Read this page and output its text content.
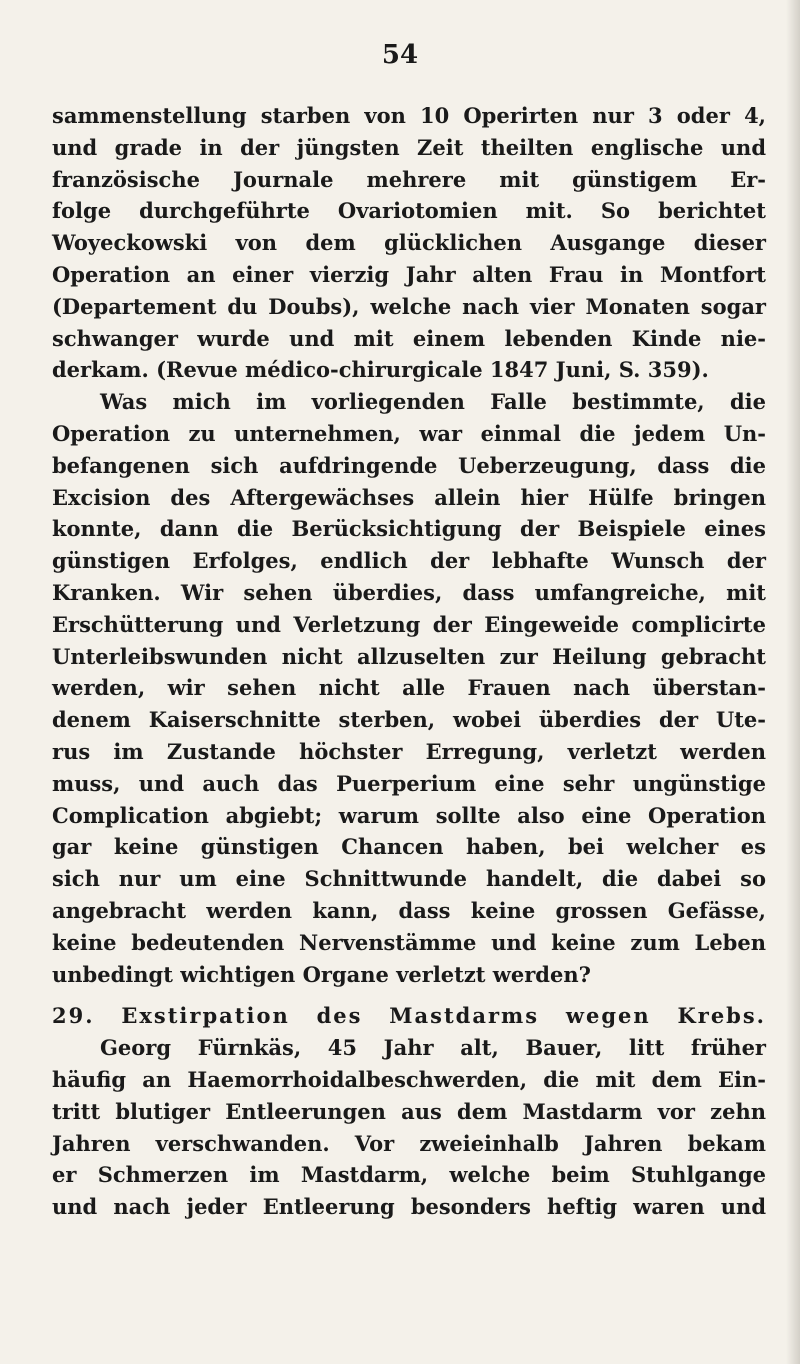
54
sammenstellung starben von 10 Operirten nur 3 oder 4,
und grade in der jüngsten Zeit theilten englische und
französische Journale mehrere mit günstigem Er-
folge durchgeführte Ovariotomien mit. So berichtet
Woyeckowski von dem glücklichen Ausgange dieser
Operation an einer vierzig Jahr alten Frau in Montfort
(Departement du Doubs), welche nach vier Monaten sogar
schwanger wurde und mit einem lebenden Kinde nie-
derkam. (Revue médico-chirurgicale 1847 Juni, S. 359).
Was mich im vorliegenden Falle bestimmte, die
Operation zu unternehmen, war einmal die jedem Un-
befangenen sich aufdringende Ueberzeugung, dass die
Excision des Aftergewächses allein hier Hülfe bringen
konnte, dann die Berücksichtigung der Beispiele eines
günstigen Erfolges, endlich der lebhafte Wunsch der
Kranken. Wir sehen überdies, dass umfangreiche, mit
Erschütterung und Verletzung der Eingeweide complicirte
Unterleibswunden nicht allzuselten zur Heilung gebracht
werden, wir sehen nicht alle Frauen nach überstan-
denem Kaiserschnitte sterben, wobei überdies der Ute-
rus im Zustande höchster Erregung, verletzt werden
muss, und auch das Puerperium eine sehr ungünstige
Complication abgiebt; warum sollte also eine Operation
gar keine günstigen Chancen haben, bei welcher es
sich nur um eine Schnittwunde handelt, die dabei so
angebracht werden kann, dass keine grossen Gefässe,
keine bedeutenden Nervenstämme und keine zum Leben
unbedingt wichtigen Organe verletzt werden?
29. Exstirpation des Mastdarms wegen Krebs.
Georg Fürnkäs, 45 Jahr alt, Bauer, litt früher
häufig an Haemorrhoidalbeschwerden, die mit dem Ein-
tritt blutiger Entleerungen aus dem Mastdarm vor zehn
Jahren verschwanden. Vor zweieinhalb Jahren bekam
er Schmerzen im Mastdarm, welche beim Stuhlgange
und nach jeder Entleerung besonders heftig waren und
